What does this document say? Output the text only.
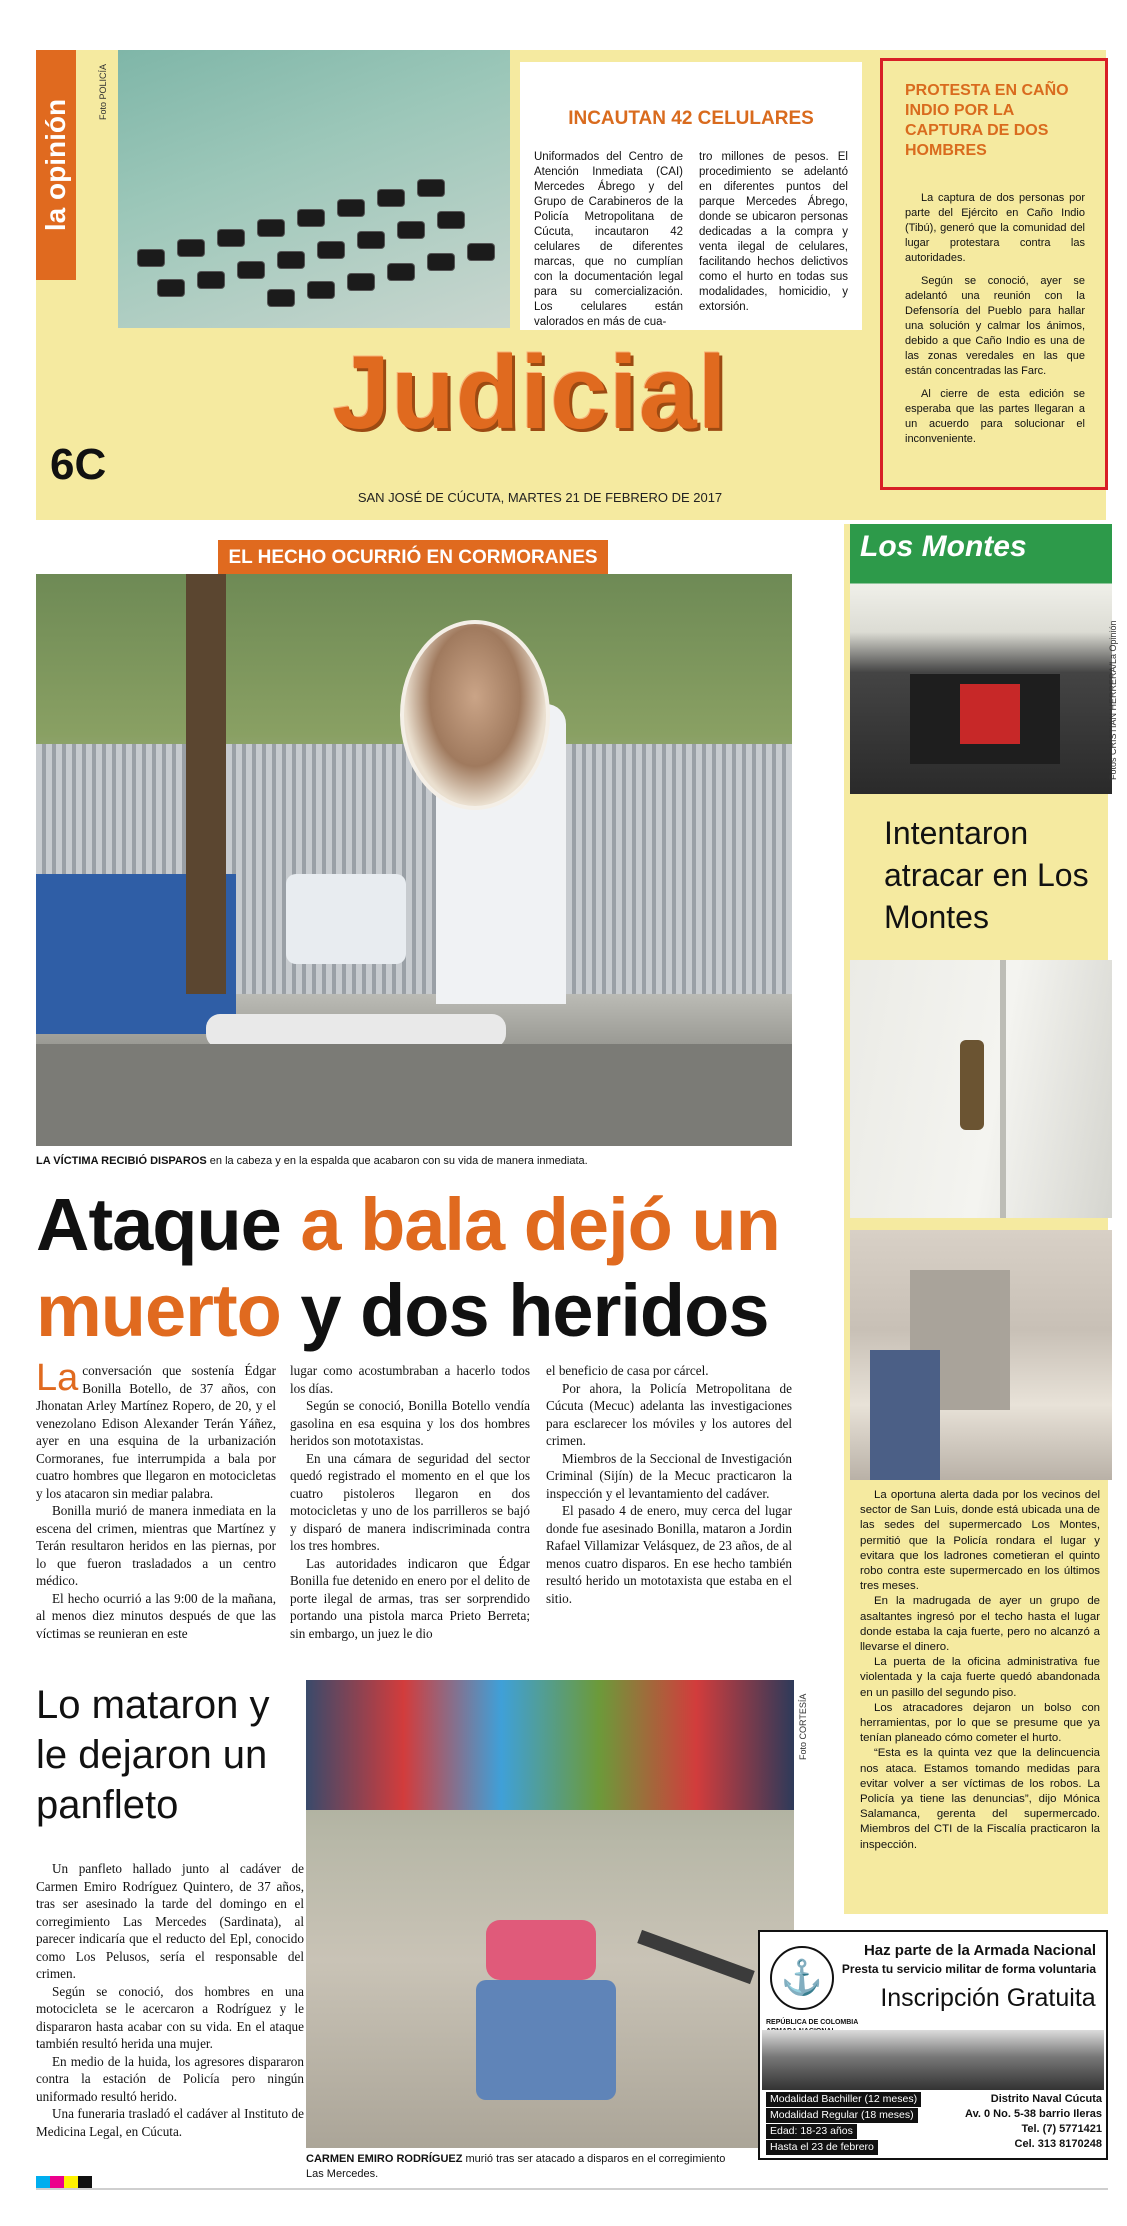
la opinión
Foto POLICÍA	INCAUTAN 42 CELULARES

Uniformados del Centro de Atención Inmediata (CAI) Mercedes Ábrego y del Grupo de Carabineros de la Policía Metropolitana de Cúcuta, incautaron 42 celulares de diferentes marcas, que no cumplían con la documentación legal para su comercialización. Los celulares están valorados en más de cua-

tro millones de pesos. El procedimiento se adelantó en diferentes puntos del parque Mercedes Ábrego, donde se ubicaron personas dedicadas a la compra y venta ilegal de celulares, facilitando hechos delictivos como el hurto en todas sus modalidades, homicidio, y extorsión.

PROTESTA EN CAÑO INDIO POR LA CAPTURA DE DOS HOMBRES

La captura de dos personas por parte del Ejército en Caño Indio (Tibú), generó que la comunidad del lugar protestara contra las autoridades.

Según se conoció, ayer se adelantó una reunión con la Defensoría del Pueblo para hallar una solución y calmar los ánimos, debido a que Caño Indio es una de las zonas veredales en las que están concentradas las Farc.

Al cierre de esta edición se esperaba que las partes llegaran a un acuerdo para solucionar el inconveniente.

Judicial
6C
SAN JOSÉ DE CÚCUTA, MARTES 21 DE FEBRERO DE 2017
EL HECHO OCURRIÓ EN CORMORANES
LA VÍCTIMA RECIBIÓ DISPAROS en la cabeza y en la espalda que acabaron con su vida de manera inmediata.
Ataque a bala dejó un
muerto y dos heridos

La conversación que sostenía Édgar Bonilla Botello, de 37 años, con Jhonatan Arley Martínez Ropero, de 20, y el venezolano Edison Alexander Terán Yáñez, ayer en una esquina de la urbanización Cormoranes, fue interrumpida a bala por cuatro hombres que llegaron en motocicletas y los atacaron sin mediar palabra.

Bonilla murió de manera inmediata en la escena del crimen, mientras que Martínez y Terán resultaron heridos en las piernas, por lo que fueron trasladados a un centro médico.

El hecho ocurrió a las 9:00 de la mañana, al menos diez minutos después de que las víctimas se reunieran en este

lugar como acostumbraban a hacerlo todos los días.

Según se conoció, Bonilla Botello vendía gasolina en esa esquina y los dos hombres heridos son mototaxistas.

En una cámara de seguridad del sector quedó registrado el momento en el que los cuatro pistoleros llegaron en dos motocicletas y uno de los parrilleros se bajó y disparó de manera indiscriminada contra los tres hombres.

Las autoridades indicaron que Édgar Bonilla fue detenido en enero por el delito de porte ilegal de armas, tras ser sorprendido portando una pistola marca Prieto Berreta; sin embargo, un juez le dio

el beneficio de casa por cárcel.

Por ahora, la Policía Metropolitana de Cúcuta (Mecuc) adelanta las investigaciones para esclarecer los móviles y los autores del crimen.

Miembros de la Seccional de Investigación Criminal (Sijín) de la Mecuc practicaron la inspección y el levantamiento del cadáver.

El pasado 4 de enero, muy cerca del lugar donde fue asesinado Bonilla, mataron a Jordin Rafael Villamizar Velásquez, de 23 años, de al menos cuatro disparos. En ese hecho también resultó herido un mototaxista que estaba en el sitio.

Los Montes
Fotos CRISTIAN HERRERA/La Opinión
Intentaron atracar en Los Montes

La oportuna alerta dada por los vecinos del sector de San Luis, donde está ubicada una de las sedes del supermercado Los Montes, permitió que la Policía rondara el lugar y evitara que los ladrones cometieran el quinto robo contra este supermercado en los últimos tres meses.

En la madrugada de ayer un grupo de asaltantes ingresó por el techo hasta el lugar donde estaba la caja fuerte, pero no alcanzó a llevarse el dinero.

La puerta de la oficina administrativa fue violentada y la caja fuerte quedó abandonada en un pasillo del segundo piso.

Los atracadores dejaron un bolso con herramientas, por lo que se presume que ya tenían planeado cómo cometer el hurto.

“Esta es la quinta vez que la delincuencia nos ataca. Estamos tomando medidas para evitar volver a ser víctimas de los robos. La Policía ya tiene las denuncias”, dijo Mónica Salamanca, gerenta del supermercado. Miembros del CTI de la Fiscalía practicaron la inspección.

Lo mataron y le dejaron un panfleto

Un panfleto hallado junto al cadáver de Carmen Emiro Rodríguez Quintero, de 37 años, tras ser asesinado la tarde del domingo en el corregimiento Las Mercedes (Sardinata), al parecer indicaría que el reducto del Epl, conocido como Los Pelusos, sería el responsable del crimen.

Según se conoció, dos hombres en una motocicleta se le acercaron a Rodríguez y le dispararon hasta acabar con su vida. En el ataque también resultó herida una mujer.

En medio de la huida, los agresores dispararon contra la estación de Policía pero ningún uniformado resultó herido.

Una funeraria trasladó el cadáver al Instituto de Medicina Legal, en Cúcuta.

Foto CORTESÍA
CARMEN EMIRO RODRÍGUEZ murió tras ser atacado a disparos en el corregimiento Las Mercedes.
⚓
Haz parte de la Armada Nacional
Presta tu servicio militar de forma voluntaria
Inscripción Gratuita
REPÚBLICA DE COLOMBIA
Modalidad Bachiller (12 meses)
Modalidad Regular (18 meses)
Edad: 18-23 años
Hasta el 23 de febrero
Distrito Naval Cúcuta
Av. 0 No. 5-38 barrio Ileras
Tel. (7) 5771421
Cel. 313 8170248
